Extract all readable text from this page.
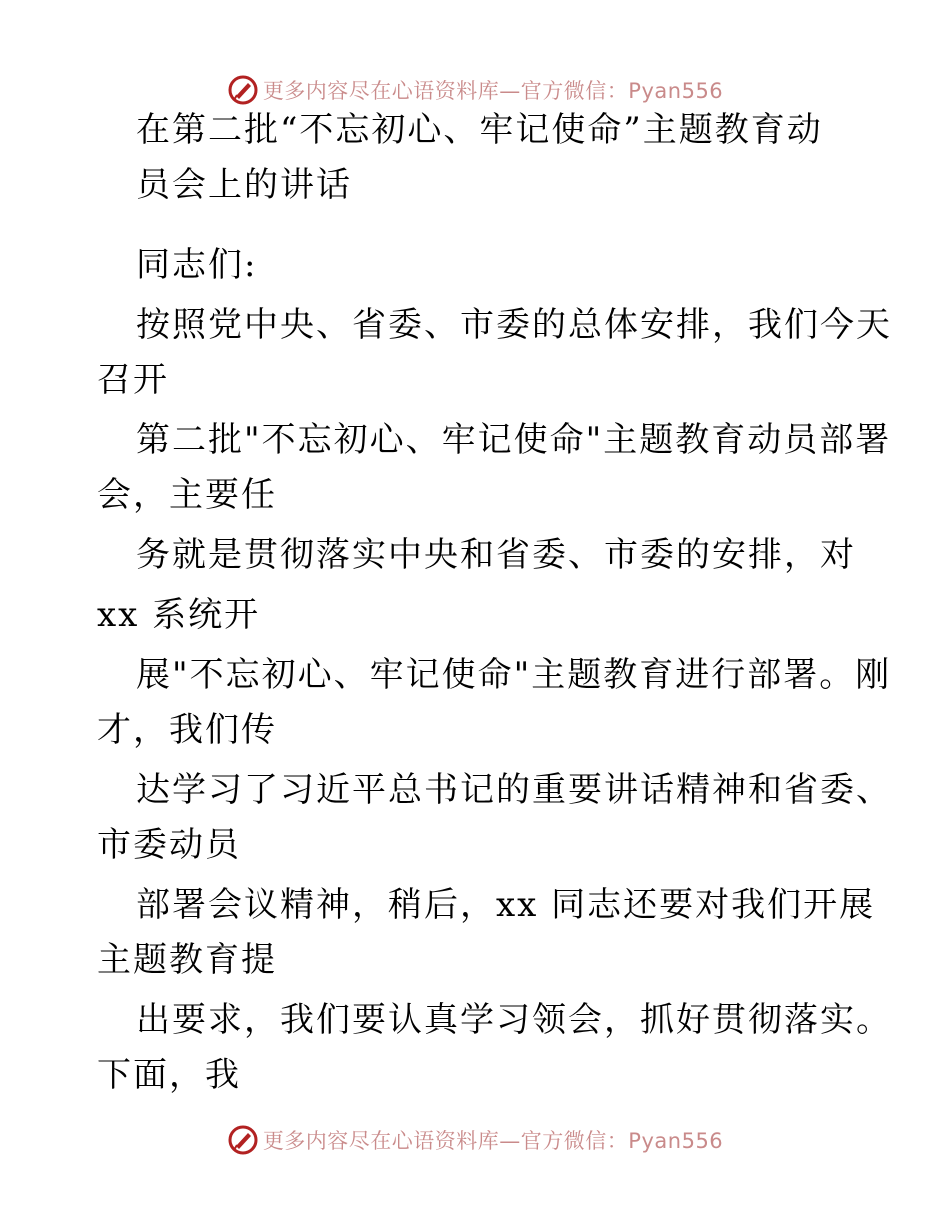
更多内容尽在心语资料库—官方微信：Pyan556
在第二批“不忘初心、牢记使命”主题教育动
员会上的讲话
同志们:
按照党中央、省委、市委的总体安排，我们今天
召开
第二批"不忘初心、牢记使命"主题教育动员部署
会，主要任
务就是贯彻落实中央和省委、市委的安排，对
xx 系统开
展"不忘初心、牢记使命"主题教育进行部署。刚
才，我们传
达学习了习近平总书记的重要讲话精神和省委、
市委动员
部署会议精神，稍后，xx 同志还要对我们开展
主题教育提
出要求，我们要认真学习领会，抓好贯彻落实。
下面，我
更多内容尽在心语资料库—官方微信：Pyan556
